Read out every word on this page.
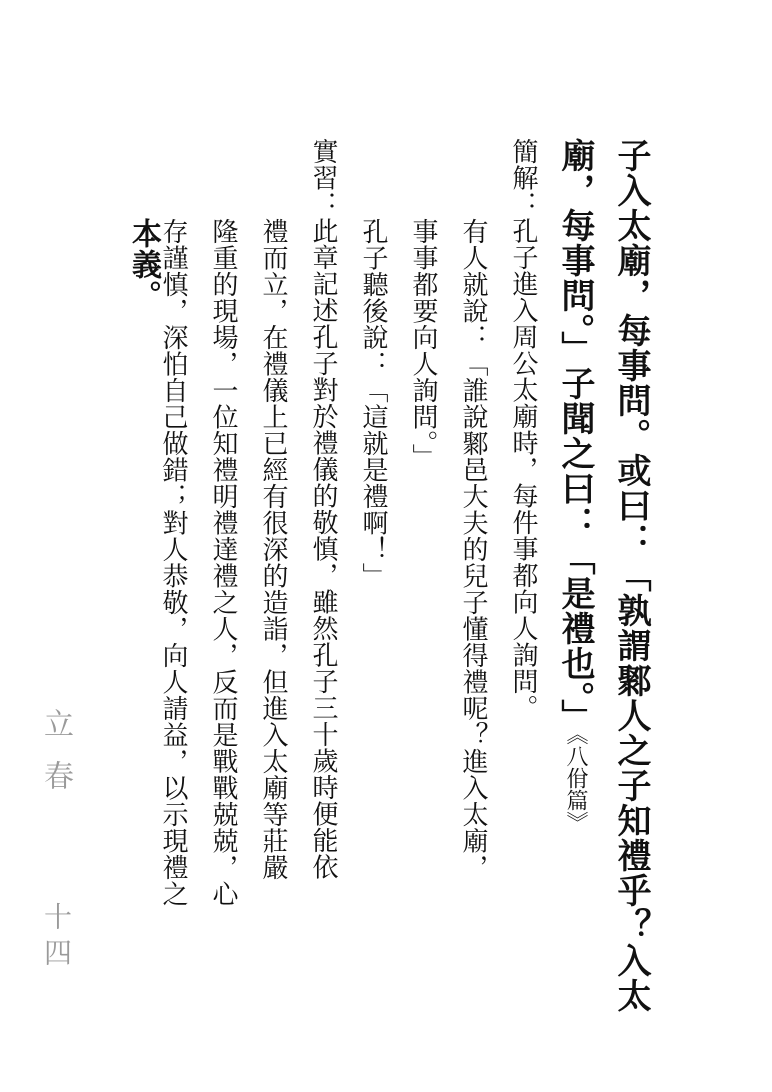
子入太廟，每事問。或曰：「孰謂鄹人之子知禮乎？入太
廟，每事問。」子聞之曰：「是禮也。」《八佾篇》
簡解：孔子進入周公太廟時，每件事都向人詢問。
有人就說：「誰說鄹邑大夫的兒子懂得禮呢？進入太廟，
事事都要向人詢問。」
孔子聽後說：「這就是禮啊！」
實習：此章記述孔子對於禮儀的敬慎，雖然孔子三十歲時便能依
禮而立，在禮儀上已經有很深的造詣，但進入太廟等莊嚴
隆重的現場，一位知禮明禮達禮之人，反而是戰戰兢兢，心
存謹慎，深怕自己做錯；對人恭敬，向人請益，以示現禮之
本義。
立春
十四
